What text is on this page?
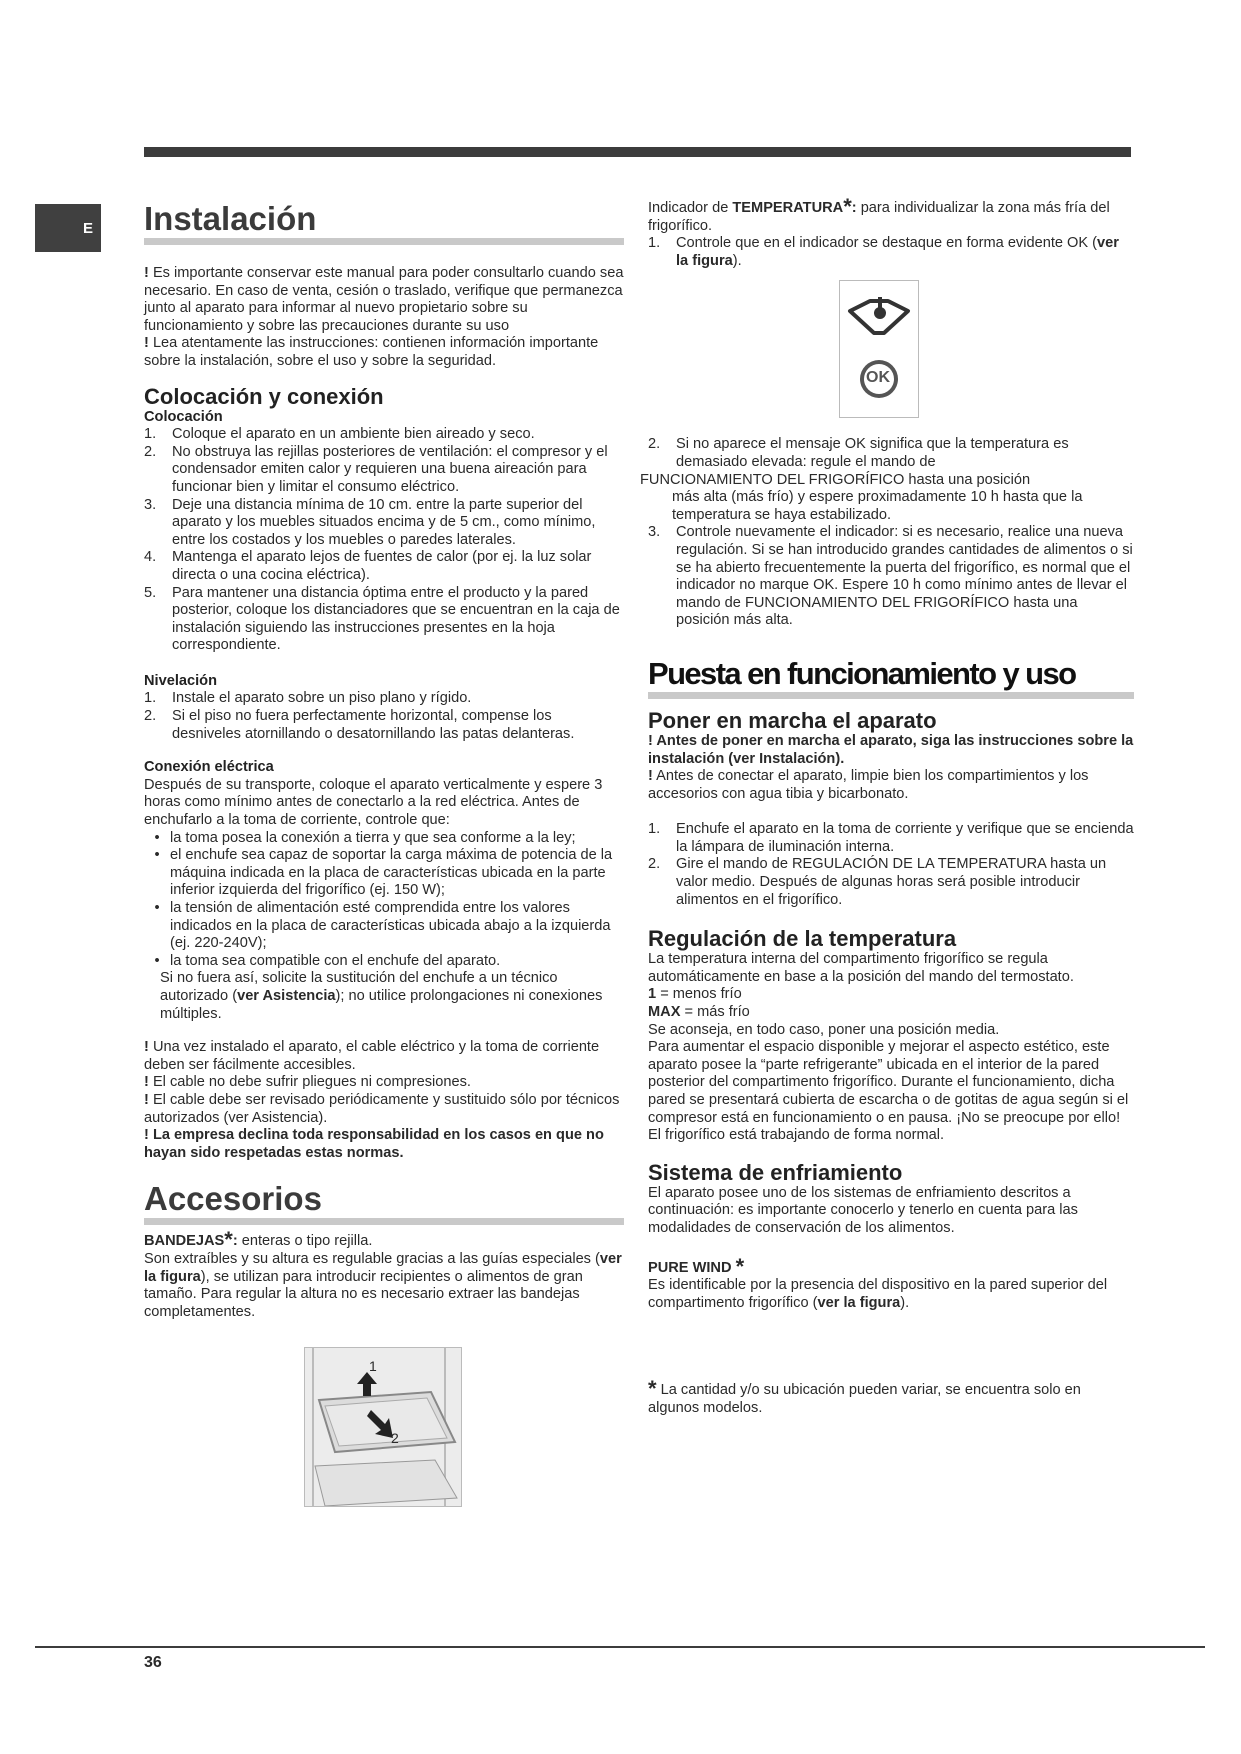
E Instalación

! Es importante conservar este manual para poder consultarlo cuando sea necesario. En caso de venta, cesión o traslado, verifique que permanezca junto al aparato para informar al nuevo propietario sobre su funcionamiento y sobre las precauciones durante su uso

! Lea atentamente las instrucciones: contienen información importante sobre la instalación, sobre el uso y sobre la seguridad.

Colocación y conexión
Colocación
1.	Coloque el aparato en un ambiente bien aireado y seco.
2.	No obstruya las rejillas posteriores de ventilación: el compresor y el condensador emiten calor y requieren una buena aireación para funcionar bien y limitar el consumo eléctrico.
3.	Deje una distancia mínima de 10 cm. entre la parte superior del aparato y los muebles situados encima y de 5 cm., como mínimo, entre los costados y los muebles o paredes laterales.
4.	Mantenga el aparato lejos de fuentes de calor (por ej. la luz solar directa o una cocina eléctrica).
5.	Para mantener una distancia óptima entre el producto y la pared posterior, coloque los distanciadores que se encuentran en la caja de instalación siguiendo las instrucciones presentes en la hoja correspondiente.
Nivelación
1.	Instale el aparato sobre un piso plano y rígido.
2.	Si el piso no fuera perfectamente horizontal, compense los desniveles atornillando o desatornillando las patas delanteras.
Conexión eléctrica

Después de su transporte, coloque el aparato verticalmente y espere 3 horas como mínimo antes de conectarlo a la red eléctrica. Antes de enchufarlo a la toma de corriente, controle que:

• la toma posea la conexión a tierra y que sea conforme a la ley;
• el enchufe sea capaz de soportar la carga máxima de potencia de la máquina indicada en la placa de características ubicada en la parte inferior izquierda del frigorífico (ej. 150 W);
• la tensión de alimentación esté comprendida entre los valores indicados en la placa de características ubicada abajo a la izquierda (ej. 220-240V);
• la toma sea compatible con el enchufe del aparato.

Si no fuera así, solicite la sustitución del enchufe a un técnico autorizado (ver Asistencia); no utilice prolongaciones ni conexiones múltiples.

! Una vez instalado el aparato, el cable eléctrico y la toma de corriente deben ser fácilmente accesibles.

! El cable no debe sufrir pliegues ni compresiones.

! El cable debe ser revisado periódicamente y sustituido sólo por técnicos autorizados (ver Asistencia).

! La empresa declina toda responsabilidad en los casos en que no hayan sido respetadas estas normas.

Accesorios

BANDEJAS*: enteras o tipo rejilla.

Son extraíbles y su altura es regulable gracias a las guías especiales (ver la figura), se utilizan para introducir recipientes o alimentos de gran tamaño. Para regular la altura no es necesario extraer las bandejas completamentes.

1
2

Indicador de TEMPERATURA*: para individualizar la zona más fría del frigorífico.

1.	Controle que en el indicador se destaque en forma evidente OK (ver la figura).
OK
2.	Si no aparece el mensaje OK significa que la temperatura es demasiado elevada: regule el mando de

FUNCIONAMIENTO DEL FRIGORÍFICO hasta una posición

más alta (más frío) y espere proximadamente 10 h hasta que la temperatura se haya estabilizado.

3.	Controle nuevamente el indicador: si es necesario, realice una nueva regulación. Si se han introducido grandes cantidades de alimentos o si se ha abierto frecuentemente la puerta del frigorífico, es normal que el indicador no marque OK. Espere 10 h como mínimo antes de llevar el mando de FUNCIONAMIENTO DEL FRIGORÍFICO hasta una posición más alta.
Puesta en funcionamiento y uso
Poner en marcha el aparato

! Antes de poner en marcha el aparato, siga las instrucciones sobre la instalación (ver Instalación).

! Antes de conectar el aparato, limpie bien los compartimientos y los accesorios con agua tibia y bicarbonato.

1.	Enchufe el aparato en la toma de corriente y verifique que se encienda la lámpara de iluminación interna.
2.	Gire el mando de REGULACIÓN DE LA TEMPERATURA hasta un valor medio. Después de algunas horas será posible introducir alimentos en el frigorífico.
Regulación de la temperatura

La temperatura interna del compartimento frigorífico se regula automáticamente en base a la posición del mando del termostato.

1 = menos frío

MAX = más frío

Se aconseja, en todo caso, poner una posición media.

Para aumentar el espacio disponible y mejorar el aspecto estético, este aparato posee la “parte refrigerante” ubicada en el interior de la pared posterior del compartimento frigorífico. Durante el funcionamiento, dicha pared se presentará cubierta de escarcha o de gotitas de agua según si el compresor está en funcionamiento o en pausa. ¡No se preocupe por ello! El frigorífico está trabajando de forma normal.

Sistema de enfriamiento

El aparato posee uno de los sistemas de enfriamiento descritos a continuación: es importante conocerlo y tenerlo en cuenta para las modalidades de conservación de los alimentos.

PURE WIND *

Es identificable por la presencia del dispositivo en la pared superior del compartimento frigorífico (ver la figura).

* La cantidad y/o su ubicación pueden variar, se encuentra solo en algunos modelos.

36
